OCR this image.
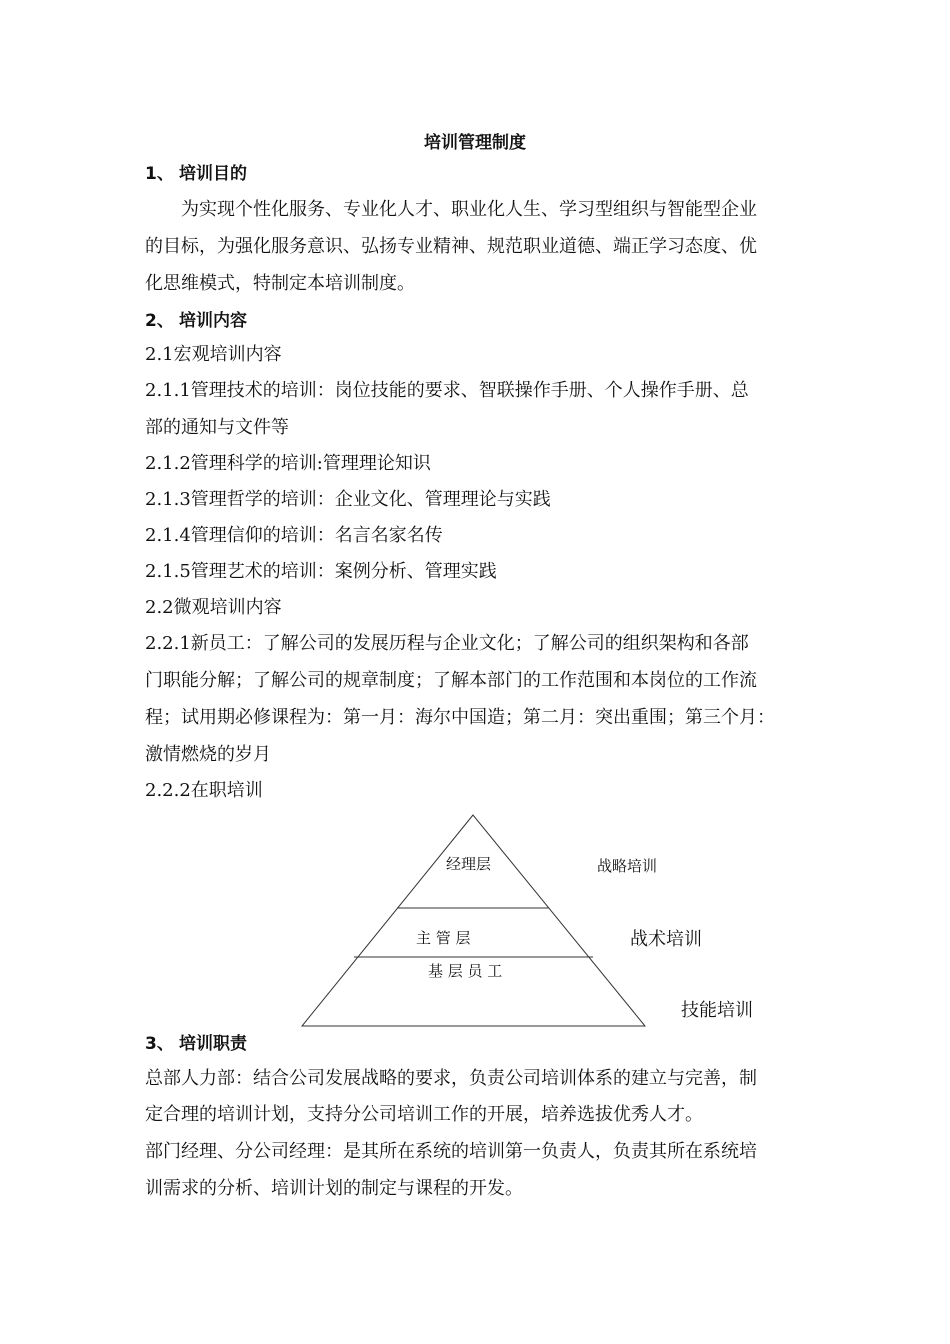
培训管理制度
1、 培训目的
为实现个性化服务、专业化人才、职业化人生、学习型组织与智能型企业
的目标，为强化服务意识、弘扬专业精神、规范职业道德、端正学习态度、优
化思维模式，特制定本培训制度。
2、 培训内容
2.1宏观培训内容
2.1.1管理技术的培训：岗位技能的要求、智联操作手册、个人操作手册、总
部的通知与文件等
2.1.2管理科学的培训:管理理论知识
2.1.3管理哲学的培训：企业文化、管理理论与实践
2.1.4管理信仰的培训：名言名家名传
2.1.5管理艺术的培训：案例分析、管理实践
2.2微观培训内容
2.2.1新员工：了解公司的发展历程与企业文化；了解公司的组织架构和各部
门职能分解；了解公司的规章制度；了解本部门的工作范围和本岗位的工作流
程；试用期必修课程为：第一月：海尔中国造；第二月：突出重围；第三个月：
激情燃烧的岁月
2.2.2在职培训
经理层
主 管 层
基 层 员 工
战略培训
战术培训
技能培训
3、 培训职责
总部人力部：结合公司发展战略的要求，负责公司培训体系的建立与完善，制
定合理的培训计划，支持分公司培训工作的开展，培养选拔优秀人才。
部门经理、分公司经理：是其所在系统的培训第一负责人，负责其所在系统培
训需求的分析、培训计划的制定与课程的开发。
